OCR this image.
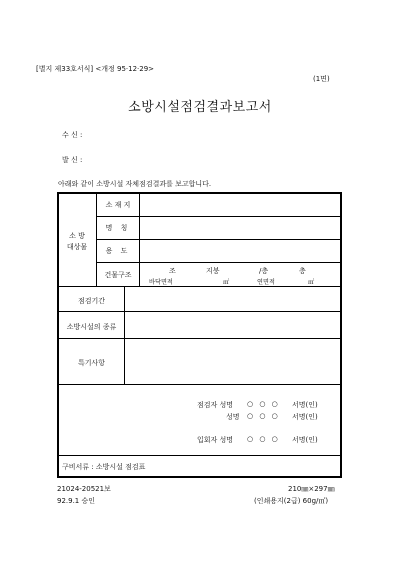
[별지 제33호서식] <개정 95·12·29>
(1면)
소방시설점검결과보고서
수 신 :
발 신 :
아래와 같이 소방시설 자체점검결과를 보고합니다.
소 방
대상물
소 재 지
명 칭
용 도
건물구조	조	지붕	/층	층
바닥면적	㎡	연면적	㎡
점검기간
소방시설의 종류
특기사항
점검자 성명 ○ ○ ○ 서명(인)
성명 ○ ○ ○ 서명(인)
입회자 성명 ○ ○ ○ 서명(인)
구비서류 : 소방시설 점검표
21024-20521보
92.9.1 승인
210㎜×297㎜
(인쇄용지(2급) 60g/㎡)
